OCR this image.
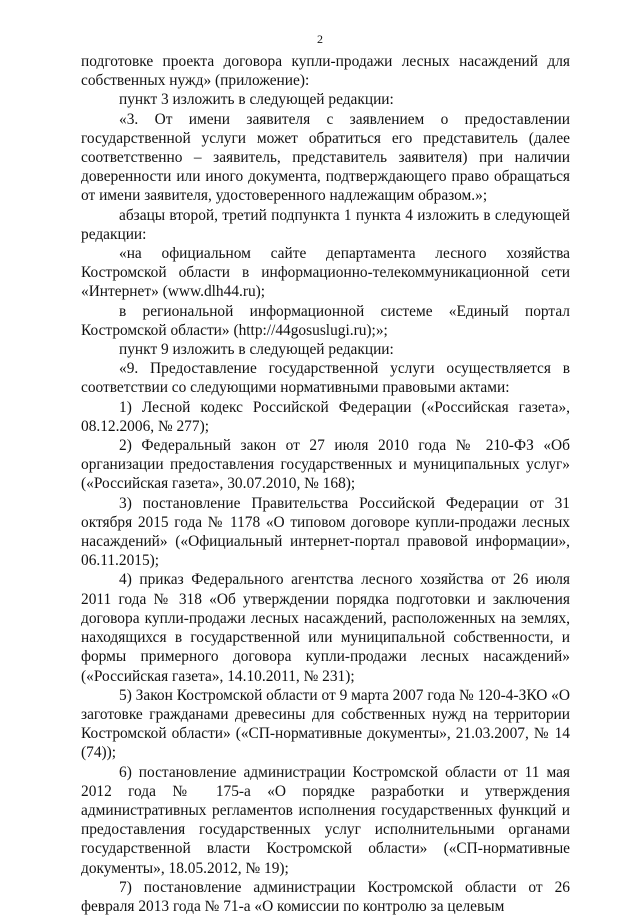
2

подготовке проекта договора купли-продажи лесных насаждений для собственных нужд» (приложение):

пункт 3 изложить в следующей редакции:

«3. От имени заявителя с заявлением о предоставлении государственной услуги может обратиться его представитель (далее соответственно – заявитель, представитель заявителя) при наличии доверенности или иного документа, подтверждающего право обращаться от имени заявителя, удостоверенного надлежащим образом.»;

абзацы второй, третий подпункта 1 пункта 4 изложить в следующей редакции:

«на официальном сайте департамента лесного хозяйства Костромской области в информационно-телекоммуникационной сети «Интернет» (www.dlh44.ru);

в региональной информационной системе «Единый портал Костромской области» (http://44gosuslugi.ru);»;

пункт 9 изложить в следующей редакции:

«9. Предоставление государственной услуги осуществляется в соответствии со следующими нормативными правовыми актами:

1) Лесной кодекс Российской Федерации («Российская газета», 08.12.2006, № 277);

2) Федеральный закон от 27 июля 2010 года № 210-ФЗ «Об организации предоставления государственных и муниципальных услуг» («Российская газета», 30.07.2010, № 168);

3) постановление Правительства Российской Федерации от 31 октября 2015 года № 1178 «О типовом договоре купли-продажи лесных насаждений» («Официальный интернет-портал правовой информации», 06.11.2015);

4) приказ Федерального агентства лесного хозяйства от 26 июля 2011 года № 318 «Об утверждении порядка подготовки и заключения договора купли-продажи лесных насаждений, расположенных на землях, находящихся в государственной или муниципальной собственности, и формы примерного договора купли-продажи лесных насаждений» («Российская газета», 14.10.2011, № 231);

5) Закон Костромской области от 9 марта 2007 года № 120-4-ЗКО «О заготовке гражданами древесины для собственных нужд на территории Костромской области» («СП-нормативные документы», 21.03.2007, № 14 (74));

6) постановление администрации Костромской области от 11 мая 2012 года № 175-а «О порядке разработки и утверждения административных регламентов исполнения государственных функций и предоставления государственных услуг исполнительными органами государственной власти Костромской области» («СП-нормативные документы», 18.05.2012, № 19);

7) постановление администрации Костромской области от 26 февраля 2013 года № 71-а «О комиссии по контролю за целевым
